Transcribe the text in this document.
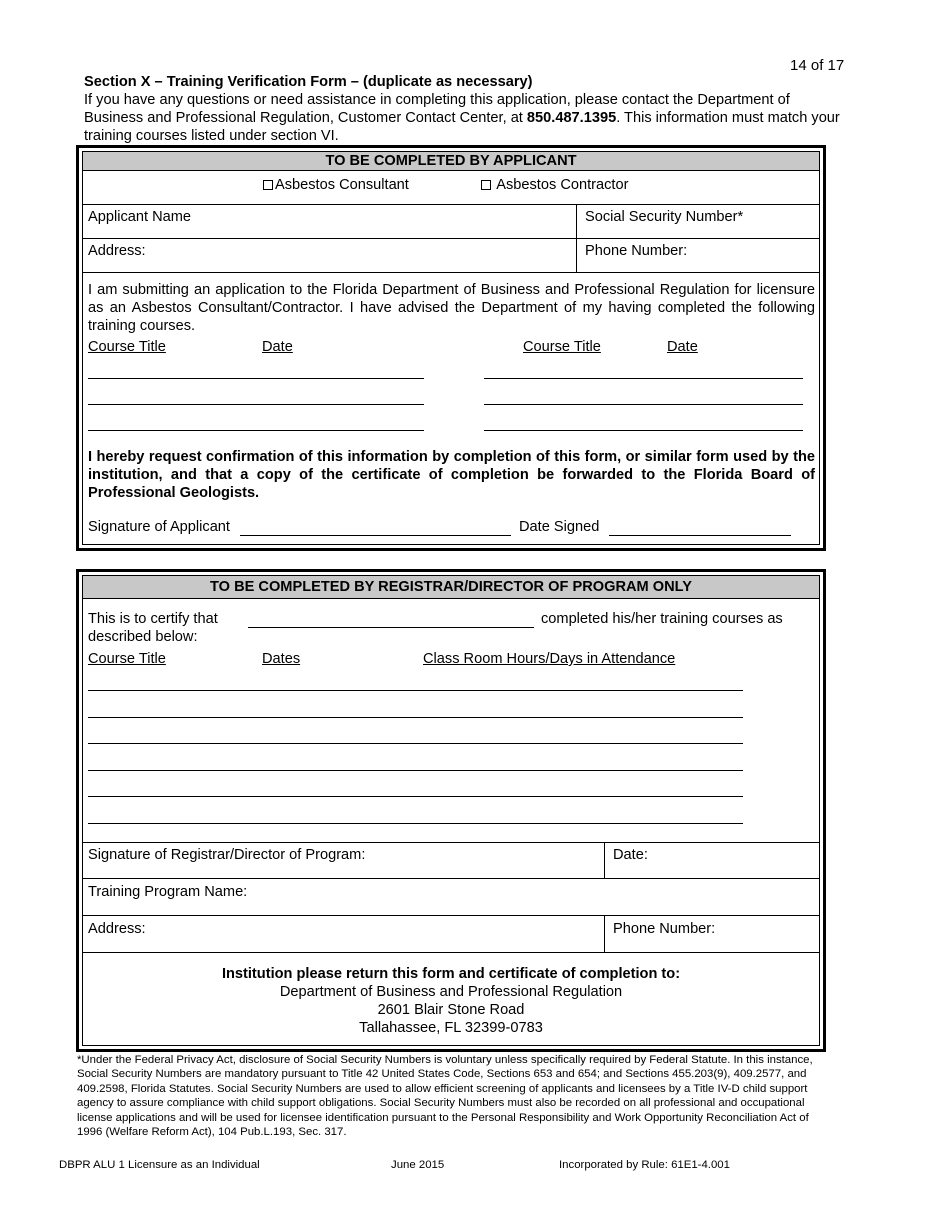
14 of 17

Section X – Training Verification Form – (duplicate as necessary)

If you have any questions or need assistance in completing this application, please contact the Department of Business and Professional Regulation, Customer Contact Center, at 850.487.1395. This information must match your training courses listed under section VI.

TO BE COMPLETED BY APPLICANT
Asbestos Consultant	Asbestos Contractor
Applicant Name	Social Security Number*
Address:	Phone Number:
I am submitting an application to the Florida Department of Business and Professional Regulation for licensure as an Asbestos Consultant/Contractor. I have advised the Department of my having completed the following training courses.
Course Title	Date	Course Title	Date
I hereby request confirmation of this information by completion of this form, or similar form used by the institution, and that a copy of the certificate of completion be forwarded to the Florida Board of Professional Geologists.
Signature of Applicant	Date Signed
TO BE COMPLETED BY REGISTRAR/DIRECTOR OF PROGRAM ONLY
This is to certify that	completed his/her training courses as
described below:
Course Title	Dates	Class Room Hours/Days in Attendance
Signature of Registrar/Director of Program:	Date:
Training Program Name:
Address:	Phone Number:
Institution please return this form and certificate of completion to:
Department of Business and Professional Regulation
2601 Blair Stone Road
Tallahassee, FL 32399-0783
*Under the Federal Privacy Act, disclosure of Social Security Numbers is voluntary unless specifically required by Federal Statute. In this instance, Social Security Numbers are mandatory pursuant to Title 42 United States Code, Sections 653 and 654; and Sections 455.203(9), 409.2577, and 409.2598, Florida Statutes. Social Security Numbers are used to allow efficient screening of applicants and licensees by a Title IV-D child support agency to assure compliance with child support obligations. Social Security Numbers must also be recorded on all professional and occupational license applications and will be used for licensee identification pursuant to the Personal Responsibility and Work Opportunity Reconciliation Act of 1996 (Welfare Reform Act), 104 Pub.L.193, Sec. 317.
DBPR ALU 1 Licensure as an Individual	June 2015	Incorporated by Rule: 61E1-4.001
